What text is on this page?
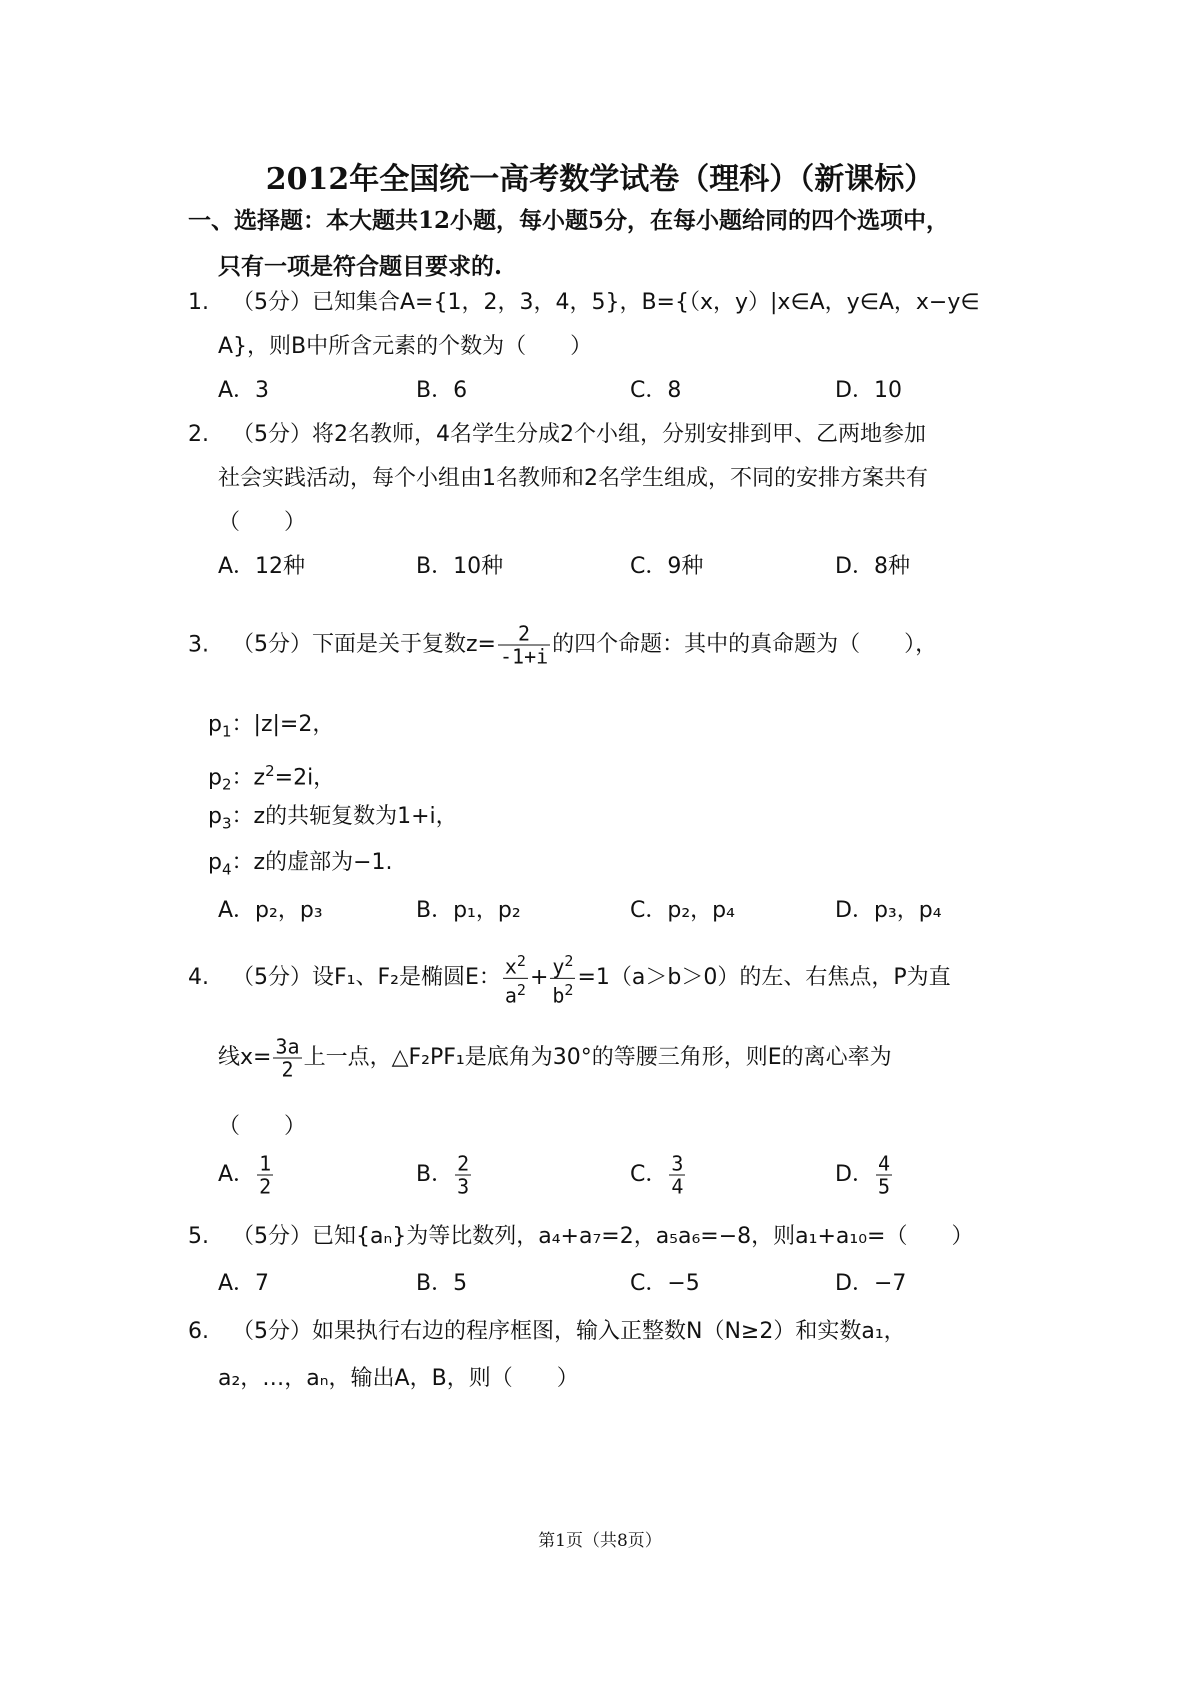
2012年全国统一高考数学试卷（理科）（新课标）

一、选择题：本大题共12小题，每小题5分，在每小题给同的四个选项中，

只有一项是符合题目要求的.

1. （5分）已知集合A={1，2，3，4，5}，B={（x，y）|x∈A，y∈A，x−y∈
A}，则B中所含元素的个数为（　　）
A．3	B．6	C．8	D．10
2. （5分）将2名教师，4名学生分成2个小组，分别安排到甲、乙两地参加
社会实践活动，每个小组由1名教师和2名学生组成，不同的安排方案共有
（　　）
A．12种	B．10种	C．9种	D．8种
3. （5分）下面是关于复数$z= \frac{2}{-1+i}$ 的四个命题：其中的真命题为（　　），
$p_1$：|z|=2，
$p_2$：$z^2=2i$，
$p_3$：z的共轭复数为1+i，
$p_4$：z的虚部为−1.
A．p₂，p₃	B．p₁，p₂	C．p₂，p₄	D．p₃，p₄
4. （5分）设F₁、F₂是椭圆E： $\frac{x^2}{a^2} + \frac{y^2}{b^2} =1(a>b>0)$的左、右焦点，P为直
线$x= \frac{3a}{2}$ 上一点，△F₂PF₁是底角为30°的等腰三角形，则E的离心率为
（　　）
A． $\frac{1}{2}$	B． $\frac{2}{3}$	C． $\frac{3}{4}$	D． $\frac{4}{5}$
5. （5分）已知{aₙ}为等比数列，a₄+a₇=2，a₅a₆=−8，则a₁+a₁₀=（　　）
A．7	B．5	C．−5	D．−7
6. （5分）如果执行右边的程序框图，输入正整数N（N≥2）和实数a₁，
a₂，…，aₙ，输出A，B，则（　　）
第1页（共8页）
